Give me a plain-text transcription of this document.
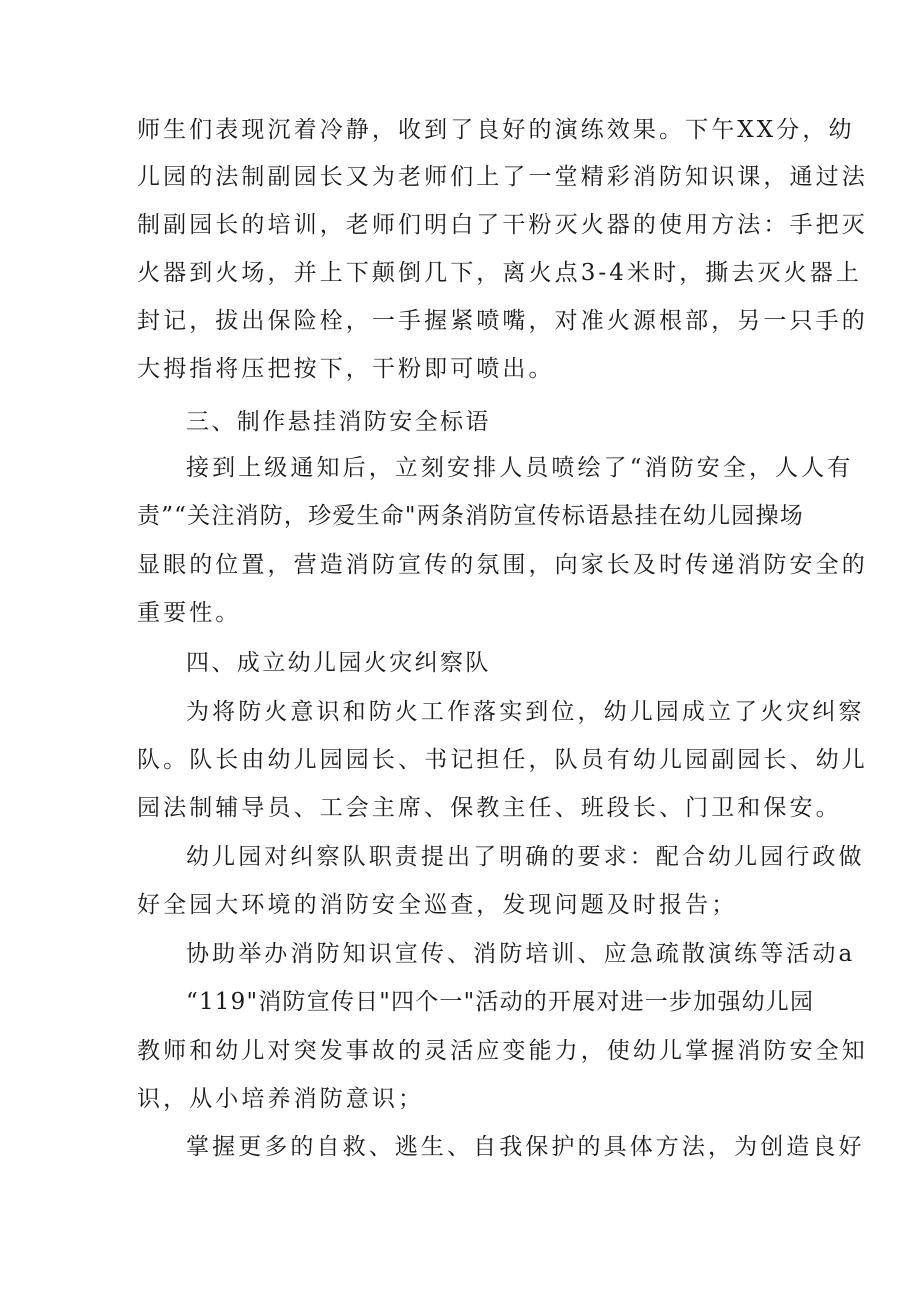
师生们表现沉着冷静，收到了良好的演练效果。下午XX分，幼
儿园的法制副园长又为老师们上了一堂精彩消防知识课，通过法
制副园长的培训，老师们明白了干粉灭火器的使用方法：手把灭
火器到火场，并上下颠倒几下，离火点3-4米时，撕去灭火器上
封记，拔出保险栓，一手握紧喷嘴，对准火源根部，另一只手的
大拇指将压把按下，干粉即可喷出。
三、制作悬挂消防安全标语
接到上级通知后，立刻安排人员喷绘了“消防安全，人人有
责”“关注消防，珍爱生命"两条消防宣传标语悬挂在幼儿园操场
显眼的位置，营造消防宣传的氛围，向家长及时传递消防安全的
重要性。
四、成立幼儿园火灾纠察队
为将防火意识和防火工作落实到位，幼儿园成立了火灾纠察
队。队长由幼儿园园长、书记担任，队员有幼儿园副园长、幼儿
园法制辅导员、工会主席、保教主任、班段长、门卫和保安。
幼儿园对纠察队职责提出了明确的要求：配合幼儿园行政做
好全园大环境的消防安全巡查，发现问题及时报告；
协助举办消防知识宣传、消防培训、应急疏散演练等活动a
“119"消防宣传日"四个一"活动的开展对进一步加强幼儿园
教师和幼儿对突发事故的灵活应变能力，使幼儿掌握消防安全知
识，从小培养消防意识；
掌握更多的自救、逃生、自我保护的具体方法，为创造良好
